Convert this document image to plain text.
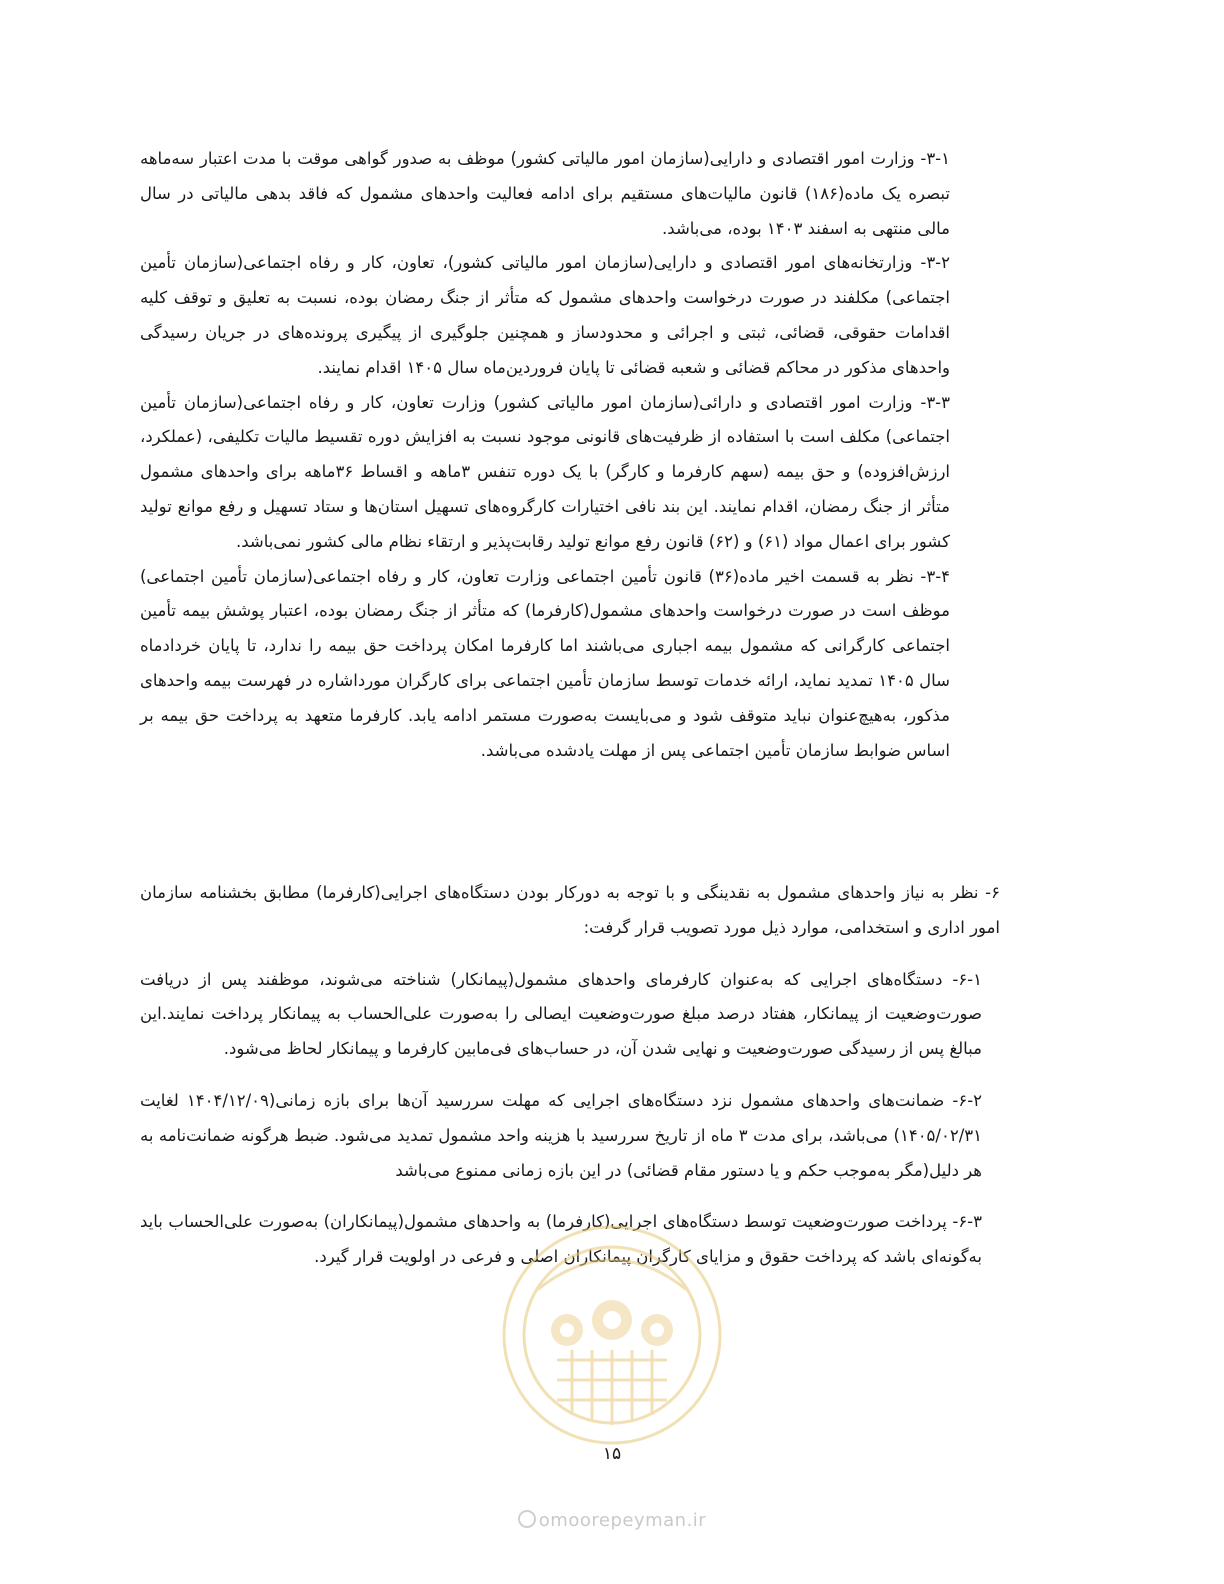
۳-۱- وزارت امور اقتصادی و دارایی(سازمان امور مالیاتی کشور) موظف به صدور گواهی موقت با مدت اعتبار سه‌ماهه تبصره یک ماده(۱۸۶) قانون مالیات‌های مستقیم برای ادامه فعالیت واحدهای مشمول که فاقد بدهی مالیاتی در سال مالی منتهی به اسفند ۱۴۰۳ بوده، می‌باشد.

۳-۲- وزارتخانه‌های امور اقتصادی و دارایی(سازمان امور مالیاتی کشور)، تعاون، کار و رفاه اجتماعی(سازمان تأمین اجتماعی) مکلفند در صورت درخواست واحدهای مشمول که متأثر از جنگ رمضان بوده، نسبت به تعلیق و توقف کلیه اقدامات حقوقی، قضائی، ثبتی و اجرائی و محدودساز و همچنین جلوگیری از پیگیری پرونده‌های در جریان رسیدگی واحدهای مذکور در محاکم قضائی و شعبه قضائی تا پایان فروردین‌ماه سال ۱۴۰۵ اقدام نمایند.

۳-۳- وزارت امور اقتصادی و دارائی(سازمان امور مالیاتی کشور) وزارت تعاون، کار و رفاه اجتماعی(سازمان تأمین اجتماعی) مکلف است با استفاده از ظرفیت‌های قانونی موجود نسبت به افزایش دوره تقسیط مالیات تکلیفی، (عملکرد، ارزش‌افزوده) و حق بیمه (سهم کارفرما و کارگر) با یک دوره تنفس ۳ماهه و اقساط ۳۶ماهه برای واحدهای مشمول متأثر از جنگ رمضان، اقدام نمایند. این بند نافی اختیارات کارگروه‌های تسهیل استان‌ها و ستاد تسهیل و رفع موانع تولید کشور برای اعمال مواد (۶۱) و (۶۲) قانون رفع موانع تولید رقابت‌پذیر و ارتقاء نظام مالی کشور نمی‌باشد.

۳-۴- نظر به قسمت اخیر ماده(۳۶) قانون تأمین اجتماعی وزارت تعاون، کار و رفاه اجتماعی(سازمان تأمین اجتماعی) موظف است در صورت درخواست واحدهای مشمول(کارفرما) که متأثر از جنگ رمضان بوده، اعتبار پوشش بیمه تأمین اجتماعی کارگرانی که مشمول بیمه اجباری می‌باشند اما کارفرما امکان پرداخت حق بیمه را ندارد، تا پایان خردادماه سال ۱۴۰۵ تمدید نماید، ارائه خدمات توسط سازمان تأمین اجتماعی برای کارگران مورداشاره در فهرست بیمه واحدهای مذکور، به‌هیچ‌عنوان نباید متوقف شود و می‌بایست به‌صورت مستمر ادامه یابد. کارفرما متعهد به پرداخت حق بیمه بر اساس ضوابط سازمان تأمین اجتماعی پس از مهلت یادشده می‌باشد.

۶- نظر به نیاز واحدهای مشمول به نقدینگی و با توجه به دورکار بودن دستگاه‌های اجرایی(کارفرما) مطابق بخشنامه سازمان امور اداری و استخدامی، موارد ذیل مورد تصویب قرار گرفت:

۶-۱- دستگاه‌های اجرایی که به‌عنوان کارفرمای واحدهای مشمول(پیمانکار) شناخته می‌شوند، موظفند پس از دریافت صورت‌وضعیت از پیمانکار، هفتاد درصد مبلغ صورت‌وضعیت ایصالی را به‌صورت علی‌الحساب به پیمانکار پرداخت نمایند.این مبالغ پس از رسیدگی صورت‌وضعیت و نهایی شدن آن، در حساب‌های فی‌مابین کارفرما و پیمانکار لحاظ می‌شود.

۶-۲- ضمانت‌های واحدهای مشمول نزد دستگاه‌های اجرایی که مهلت سررسید آن‌ها برای بازه زمانی(۱۴۰۴/۱۲/۰۹ لغایت ۱۴۰۵/۰۲/۳۱) می‌باشد، برای مدت ۳ ماه از تاریخ سررسید با هزینه واحد مشمول تمدید می‌شود. ضبط هرگونه ضمانت‌نامه به هر دلیل(مگر به‌موجب حکم و یا دستور مقام قضائی) در این بازه زمانی ممنوع می‌باشد

۶-۳- پرداخت صورت‌وضعیت توسط دستگاه‌های اجرایی(کارفرما) به واحدهای مشمول(پیمانکاران) به‌صورت علی‌الحساب باید به‌گونه‌ای باشد که پرداخت حقوق و مزایای کارگران پیمانکاران اصلی و فرعی در اولویت قرار گیرد.

۱۵
omoorepeyman.ir
